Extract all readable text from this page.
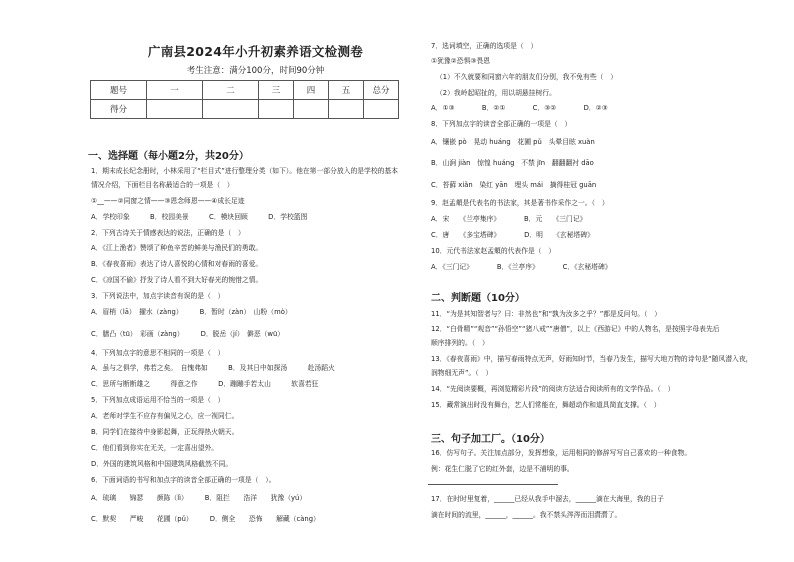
广南县2024年小升初素养语文检测卷
考生注意：满分100分，时间90分钟
题号	一	二	三	四	五	总分
得分						
一、选择题（每小题2分，共20分）
1．期末成长纪念册时，小林采用了“栏目式”进行整理分类（如下）。他在第一部分放入的是学校的基本
情况介绍，下面栏目名称最适合的一项是（　）
①__——②同窗之情——③恩念师恩——④成长足迹
A．学校印象　　　B．校园美景　　　C．模块回顾　　　D．学校篮图
2．下列古诗关于情感表达的说法，正确的是（　）
A．《江上渔者》赞颂了种鱼辛苦的鲜美与渔民们的勇敢。
B．《春夜喜雨》表达了诗人喜悦的心情和对春雨的喜爱。
C．《凉国不偷》抒发了诗人看不到大好春光的惋惜之情。
3．下列说法中，加点字读音有误的是（　）
A．眉梢（lā）　擢水（zàng）　　　B．暂时（zàn）　山粉（mò）
C．膳凸（tū）　彩画（zàng）　　　D．脱岳（jí）　僻恶（wū）
4．下列加点字的意思不相同的一项是（　）
A．虽与之俱学，弗若之矣。　自愧弗如　　　B．及其日中如探汤　　　赴汤蹈火
C．思所与断断雄之　　　得意之作　　　D．蹦蹦手若太山　　　软喜若狂
5．下列加点成语运用不恰当的一项是（　）
A．老师对学生不应存有偏见之心，应一视同仁。
B．同学们在接待中身影起舞，正玩得热火朝天。
C．他们看到你实在无关，一定喜出望外。
D．外国的建筑风格和中国建筑风格截然不同。
6．下面词语的书写和加点字的读音全部正确的一项是（　）。
A．琉璃　　锦瑟　　颜陈（lì）　　　B．阻拦　　浩洋　　犹豫（yú）
C．默契　　严峻　　花圃（pǔ）　　　D．侧全　　恐怖　　解藏（càng）
7．选词填空，正确的选项是（　）
①犹豫②恐惧③畏恩
（1）不久就要和同窗六年的朋友们分别，我不免有些（　）
（2）我岭起昭扯的，用以胡悬挂树行。
A．①③　　　　B．②①　　　　C．③②　　　　D．②③
8．下列加点字的读音全部正确的一项是（　）
A．镶嵌 pò　晃动 huáng　花圃 pǔ　头晕目眩 xuàn
B．山涧 jiàn　惊惶 huáng　不禁 jīn　翻翻翻衬 dāo
C．苔藓 xiǎn　染红 yān　埋头 mái　摘得桂冠 guān
9．赵孟頫是代表名的书法家，其是著书作采作之一。（　）
A．宋　　《兰亭集序》　　　　B．元　　《三门记》
C．唐　　《多宝塔碑》　　　　D．明　　《玄秘塔碑》
10．元代书法家赵孟頫的代表作是（　）
A．《三门记》　　　　B．《兰亭序》　　　　C．《玄秘塔碑》
二、判断题（10分）
11．“为是其知智者与？曰：非然也”和“孰为汝多之乎？”都是反问句。（　）
12．“白骨精”“观音”“孙悟空”“猪八戒”“唐僧”，以上《西游记》中的人物名，是按照字母表先后
顺序排列的。（　）
13．《春夜喜雨》中，描写春雨特点无声，好雨知时节，当春乃发生，描写大地万物的诗句是“随风潜入夜，
润物细无声”。（　）
14．“先阅读要概，再浏览精彩片段”的阅读方法适合阅读所有的文学作品。（　）
15．藏常演出时没有舞台，艺人们常能在，舞超动作和道具简直支撑。（　）
三、句子加工厂。（10分）
16．仿写句子。关注加点部分，发挥想象，运用相同的修辞写写自己喜欢的一种食物。
例：花生仁脱了它的红外套，边是不浦明的事。
17．在时时里复着，______已经从我手中溜去，______滴在大海里，我的日子
滴在时间的流里，______，______。我不禁头涔涔而泪潸潸了。
